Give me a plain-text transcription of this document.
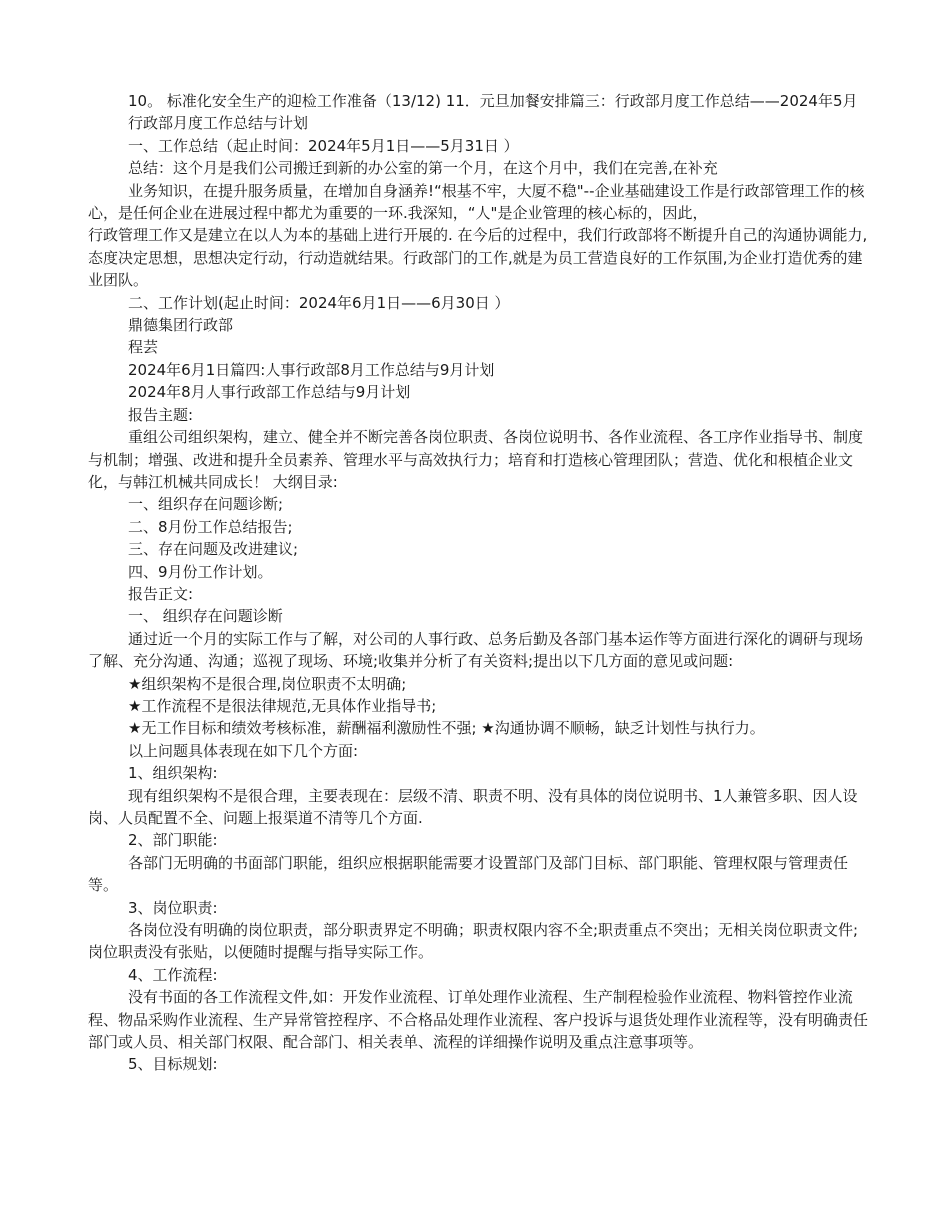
10。 标准化安全生产的迎检工作准备（13/12) 11．元旦加餐安排篇三：行政部月度工作总结——2024年5月

行政部月度工作总结与计划

一、工作总结（起止时间：2024年5月1日——5月31日 ）

总结：这个月是我们公司搬迁到新的办公室的第一个月，在这个月中，我们在完善,在补充

业务知识，在提升服务质量，在增加自身涵养!“根基不牢，大厦不稳"--企业基础建设工作是行政部管理工作的核心，是任何企业在进展过程中都尤为重要的一环.我深知，“人"是企业管理的核心标的，因此，

行政管理工作又是建立在以人为本的基础上进行开展的. 在今后的过程中，我们行政部将不断提升自己的沟通协调能力,态度决定思想，思想决定行动，行动造就结果。行政部门的工作,就是为员工营造良好的工作氛围,为企业打造优秀的建业团队。

二、工作计划(起止时间：2024年6月1日——6月30日 ）

鼎德集团行政部

程芸

2024年6月1日篇四:人事行政部8月工作总结与9月计划

2024年8月人事行政部工作总结与9月计划

报告主题:

重组公司组织架构，建立、健全并不断完善各岗位职责、各岗位说明书、各作业流程、各工序作业指导书、制度与机制；增强、改进和提升全员素养、管理水平与高效执行力；培育和打造核心管理团队；营造、优化和根植企业文化，与韩江机械共同成长！ 大纲目录:

一、组织存在问题诊断;

二、8月份工作总结报告;

三、存在问题及改进建议;

四、9月份工作计划。

报告正文:

一、 组织存在问题诊断

通过近一个月的实际工作与了解，对公司的人事行政、总务后勤及各部门基本运作等方面进行深化的调研与现场了解、充分沟通、沟通；巡视了现场、环境;收集并分析了有关资料;提出以下几方面的意见或问题:

★组织架构不是很合理,岗位职责不太明确;

★工作流程不是很法律规范,无具体作业指导书;

★无工作目标和绩效考核标准，薪酬福利激励性不强; ★沟通协调不顺畅，缺乏计划性与执行力。

以上问题具体表现在如下几个方面:

1、组织架构:

现有组织架构不是很合理，主要表现在：层级不清、职责不明、没有具体的岗位说明书、1人兼管多职、因人设岗、人员配置不全、问题上报渠道不清等几个方面.

2、部门职能:

各部门无明确的书面部门职能，组织应根据职能需要才设置部门及部门目标、部门职能、管理权限与管理责任等。

3、岗位职责:

各岗位没有明确的岗位职责，部分职责界定不明确；职责权限内容不全;职责重点不突出；无相关岗位职责文件;岗位职责没有张贴，以便随时提醒与指导实际工作。

4、工作流程:

没有书面的各工作流程文件,如：开发作业流程、订单处理作业流程、生产制程检验作业流程、物料管控作业流程、物品采购作业流程、生产异常管控程序、不合格品处理作业流程、客户投诉与退货处理作业流程等，没有明确责任部门或人员、相关部门权限、配合部门、相关表单、流程的详细操作说明及重点注意事项等。

5、目标规划:
